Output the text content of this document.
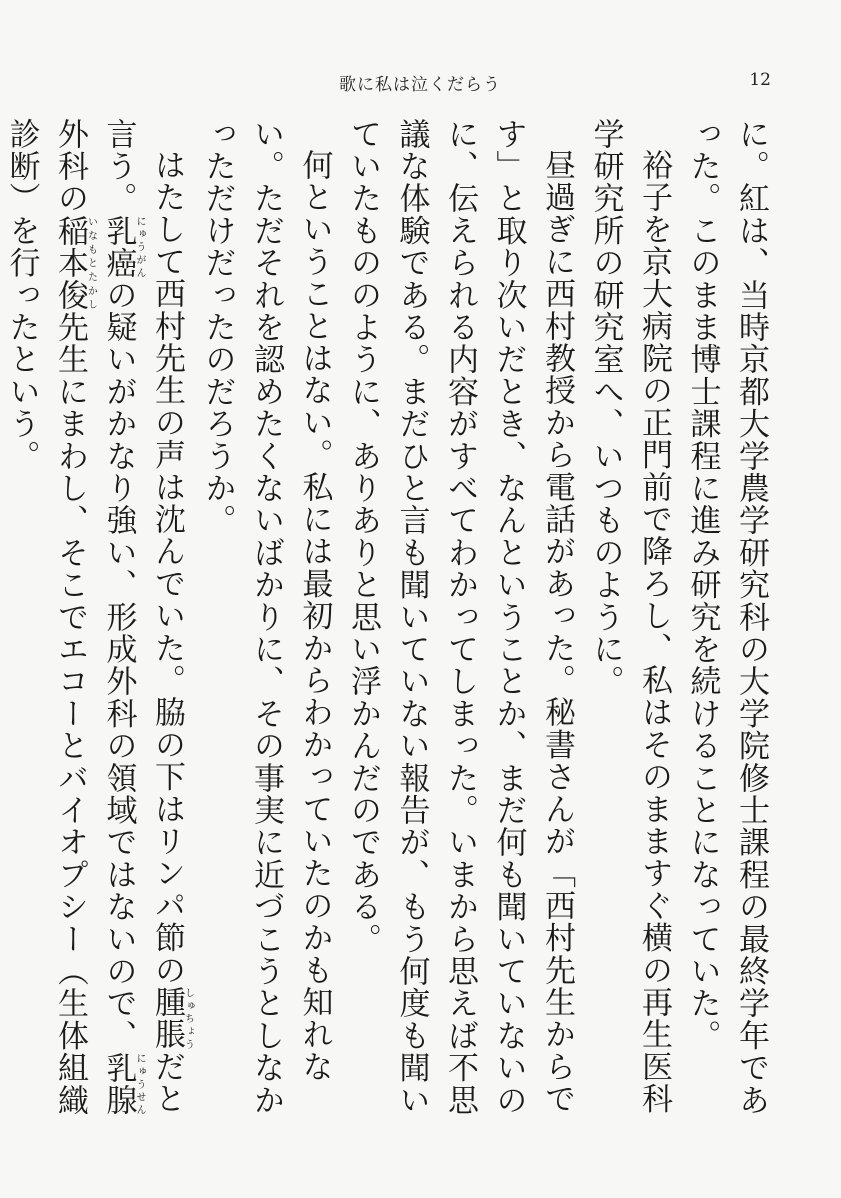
歌に私は泣くだらう	12

に。紅は、当時京都大学農学研究科の大学院修士課程の最終学年であった。このまま博士課程に進み研究を続けることになっていた。

裕子を京大病院の正門前で降ろし、私はそのまますぐ横の再生医科学研究所の研究室へ、いつものように。

昼過ぎに西村教授から電話があった。秘書さんが「西村先生からです」と取り次いだとき、なんということか、まだ何も聞いていないのに、伝えられる内容がすべてわかってしまった。いまから思えば不思議な体験である。まだひと言も聞いていない報告が、もう何度も聞いていたもののように、ありありと思い浮かんだのである。

何ということはない。私には最初からわかっていたのかも知れない。ただそれを認めたくないばかりに、その事実に近づこうとしなかっただけだったのだろうか。

はたして西村先生の声は沈んでいた。脇の下はリンパ節の腫脹しゅちょうだと言う。乳癌にゅうがんの疑いがかなり強い、形成外科の領域ではないので、乳腺にゅうせん外科の稲本俊いなもとたかし先生にまわし、そこでエコーとバイオプシー（生体組織診断）を行ったという。
